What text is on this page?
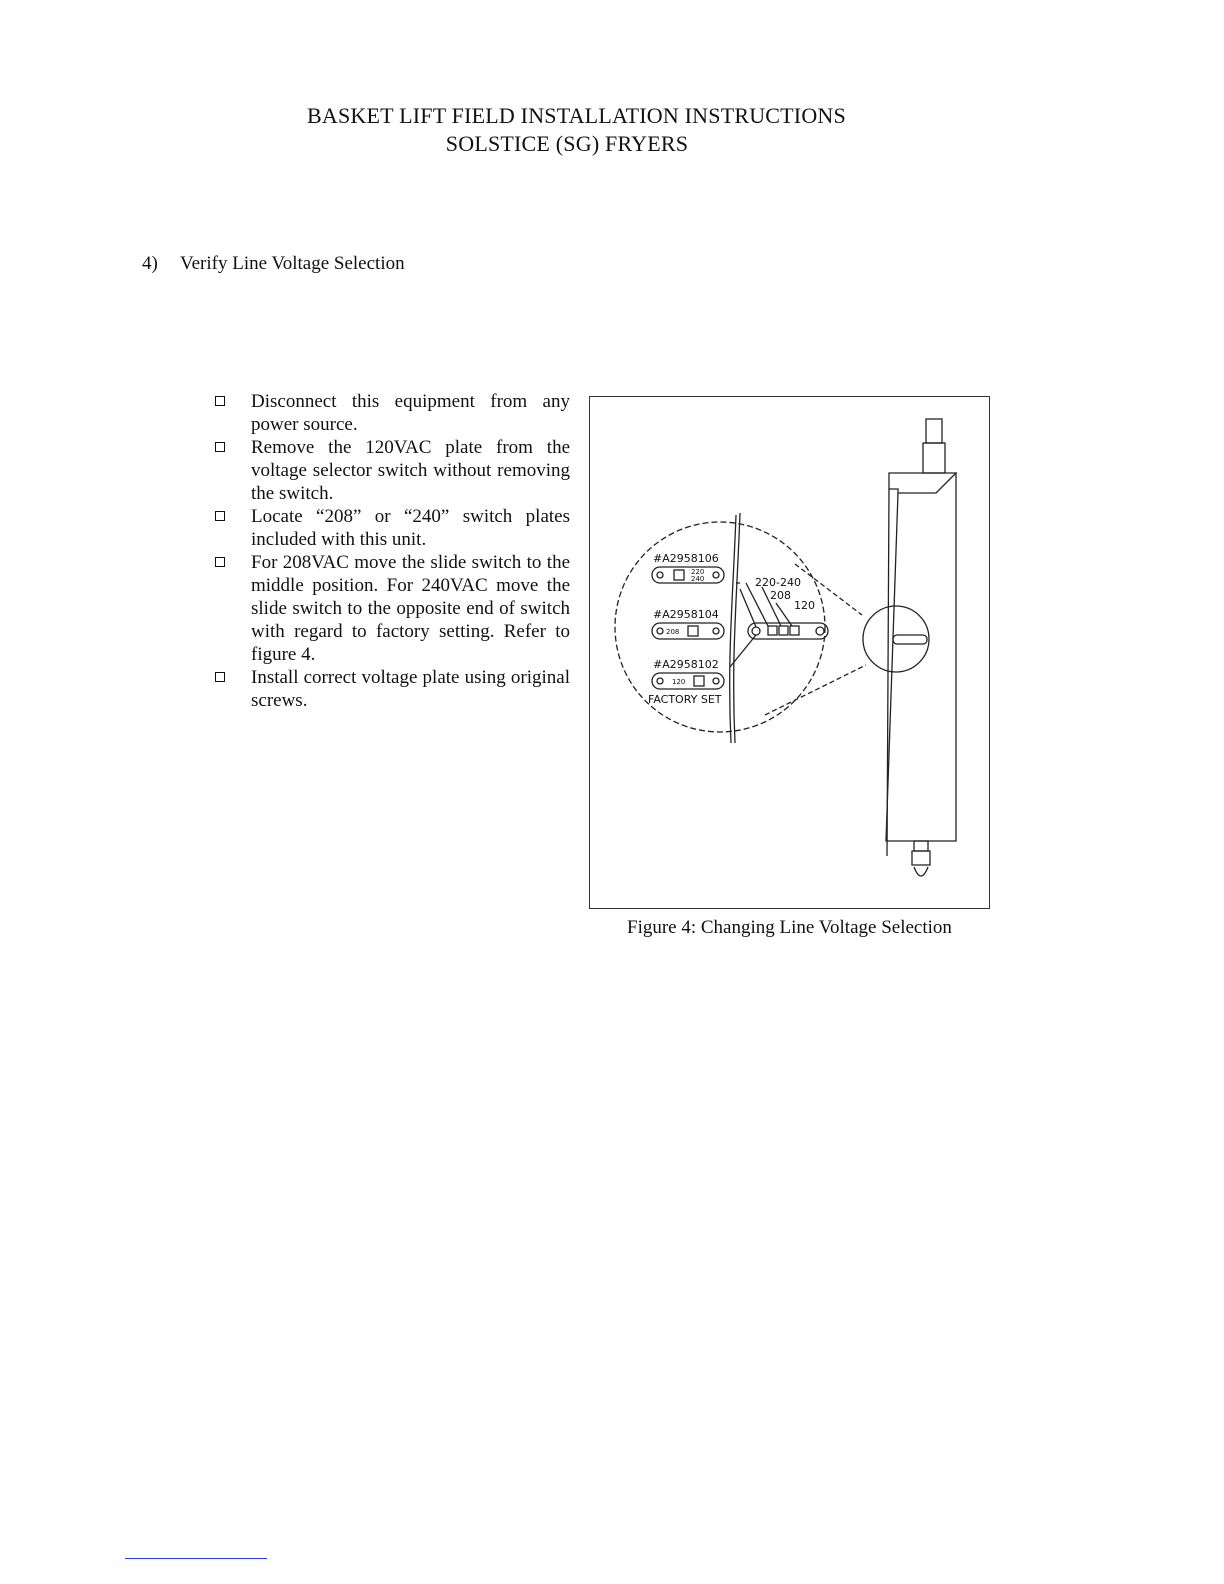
BASKET LIFT FIELD INSTALLATION INSTRUCTIONS
SOLSTICE (SG) FRYERS
4) Verify Line Voltage Selection
Disconnect this equipment from any power source.
Remove the 120VAC plate from the voltage selector switch without removing the switch.
Locate “208” or “240” switch plates included with this unit.
For 208VAC move the slide switch to the middle position. For 240VAC move the slide switch to the opposite end of switch with regard to factory setting. Refer to figure 4.
Install correct voltage plate using original screws.
220
240
208
120
#A2958106
#A2958104
#A2958102
220-240
208
120
FACTORY SET
Figure 4: Changing Line Voltage Selection
